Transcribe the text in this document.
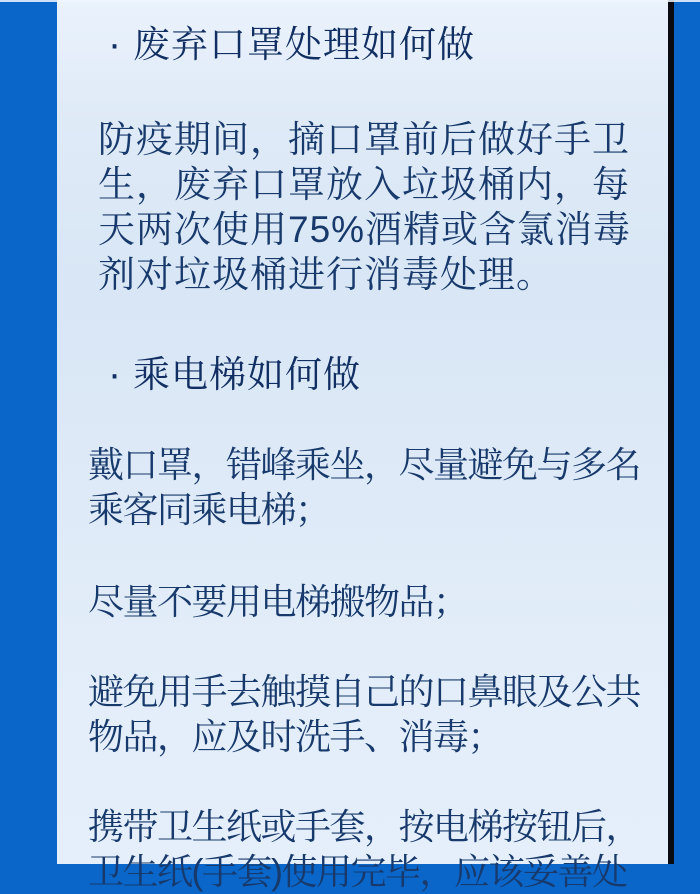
· 废弃口罩处理如何做
防疫期间，摘口罩前后做好手卫
生，废弃口罩放入垃圾桶内，每
天两次使用75%酒精或含氯消毒
剂对垃圾桶进行消毒处理。
· 乘电梯如何做
戴口罩，错峰乘坐，尽量避免与多名
乘客同乘电梯；
尽量不要用电梯搬物品；
避免用手去触摸自己的口鼻眼及公共
物品，应及时洗手、消毒；
携带卫生纸或手套，按电梯按钮后，
卫生纸(手套)使用完毕，应该妥善处
